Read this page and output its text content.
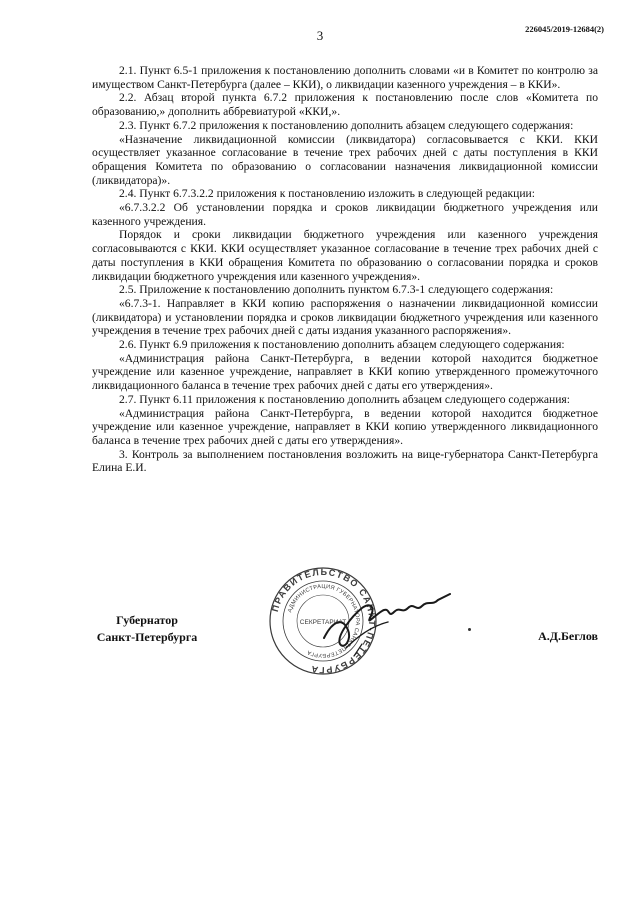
3	226045/2019-12684(2)

2.1. Пункт 6.5-1 приложения к постановлению дополнить словами «и в Комитет по контролю за имуществом Санкт-Петербурга (далее – ККИ), о ликвидации казенного учреждения – в ККИ».

2.2. Абзац второй пункта 6.7.2 приложения к постановлению после слов «Комитета по образованию,» дополнить аббревиатурой «ККИ,».

2.3. Пункт 6.7.2 приложения к постановлению дополнить абзацем следующего содержания:

«Назначение ликвидационной комиссии (ликвидатора) согласовывается с ККИ. ККИ осуществляет указанное согласование в течение трех рабочих дней с даты поступления в ККИ обращения Комитета по образованию о согласовании назначения ликвидационной комиссии (ликвидатора)».

2.4. Пункт 6.7.3.2.2 приложения к постановлению изложить в следующей редакции:

«6.7.3.2.2 Об установлении порядка и сроков ликвидации бюджетного учреждения или казенного учреждения.

Порядок и сроки ликвидации бюджетного учреждения или казенного учреждения согласовываются с ККИ. ККИ осуществляет указанное согласование в течение трех рабочих дней с даты поступления в ККИ обращения Комитета по образованию о согласовании порядка и сроков ликвидации бюджетного учреждения или казенного учреждения».

2.5. Приложение к постановлению дополнить пунктом 6.7.3-1 следующего содержания:

«6.7.3-1. Направляет в ККИ копию распоряжения о назначении ликвидационной комиссии (ликвидатора) и установлении порядка и сроков ликвидации бюджетного учреждения или казенного учреждения в течение трех рабочих дней с даты издания указанного распоряжения».

2.6. Пункт 6.9 приложения к постановлению дополнить абзацем следующего содержания:

«Администрация района Санкт-Петербурга, в ведении которой находится бюджетное учреждение или казенное учреждение, направляет в ККИ копию утвержденного промежуточного ликвидационного баланса в течение трех рабочих дней с даты его утверждения».

2.7. Пункт 6.11 приложения к постановлению дополнить абзацем следующего содержания:

«Администрация района Санкт-Петербурга, в ведении которой находится бюджетное учреждение или казенное учреждение, направляет в ККИ копию утвержденного ликвидационного баланса в течение трех рабочих дней с даты его утверждения».

3. Контроль за выполнением постановления возложить на вице-губернатора Санкт-Петербурга Елина Е.И.

Губернатор
Санкт-Петербурга	А.Д.Беглов
ПРАВИТЕЛЬСТВО САНКТ-ПЕТЕРБУРГА
АДМИНИСТРАЦИЯ ГУБЕРНАТОРА САНКТ-ПЕТЕРБУРГА
СЕКРЕТАРИАТ
